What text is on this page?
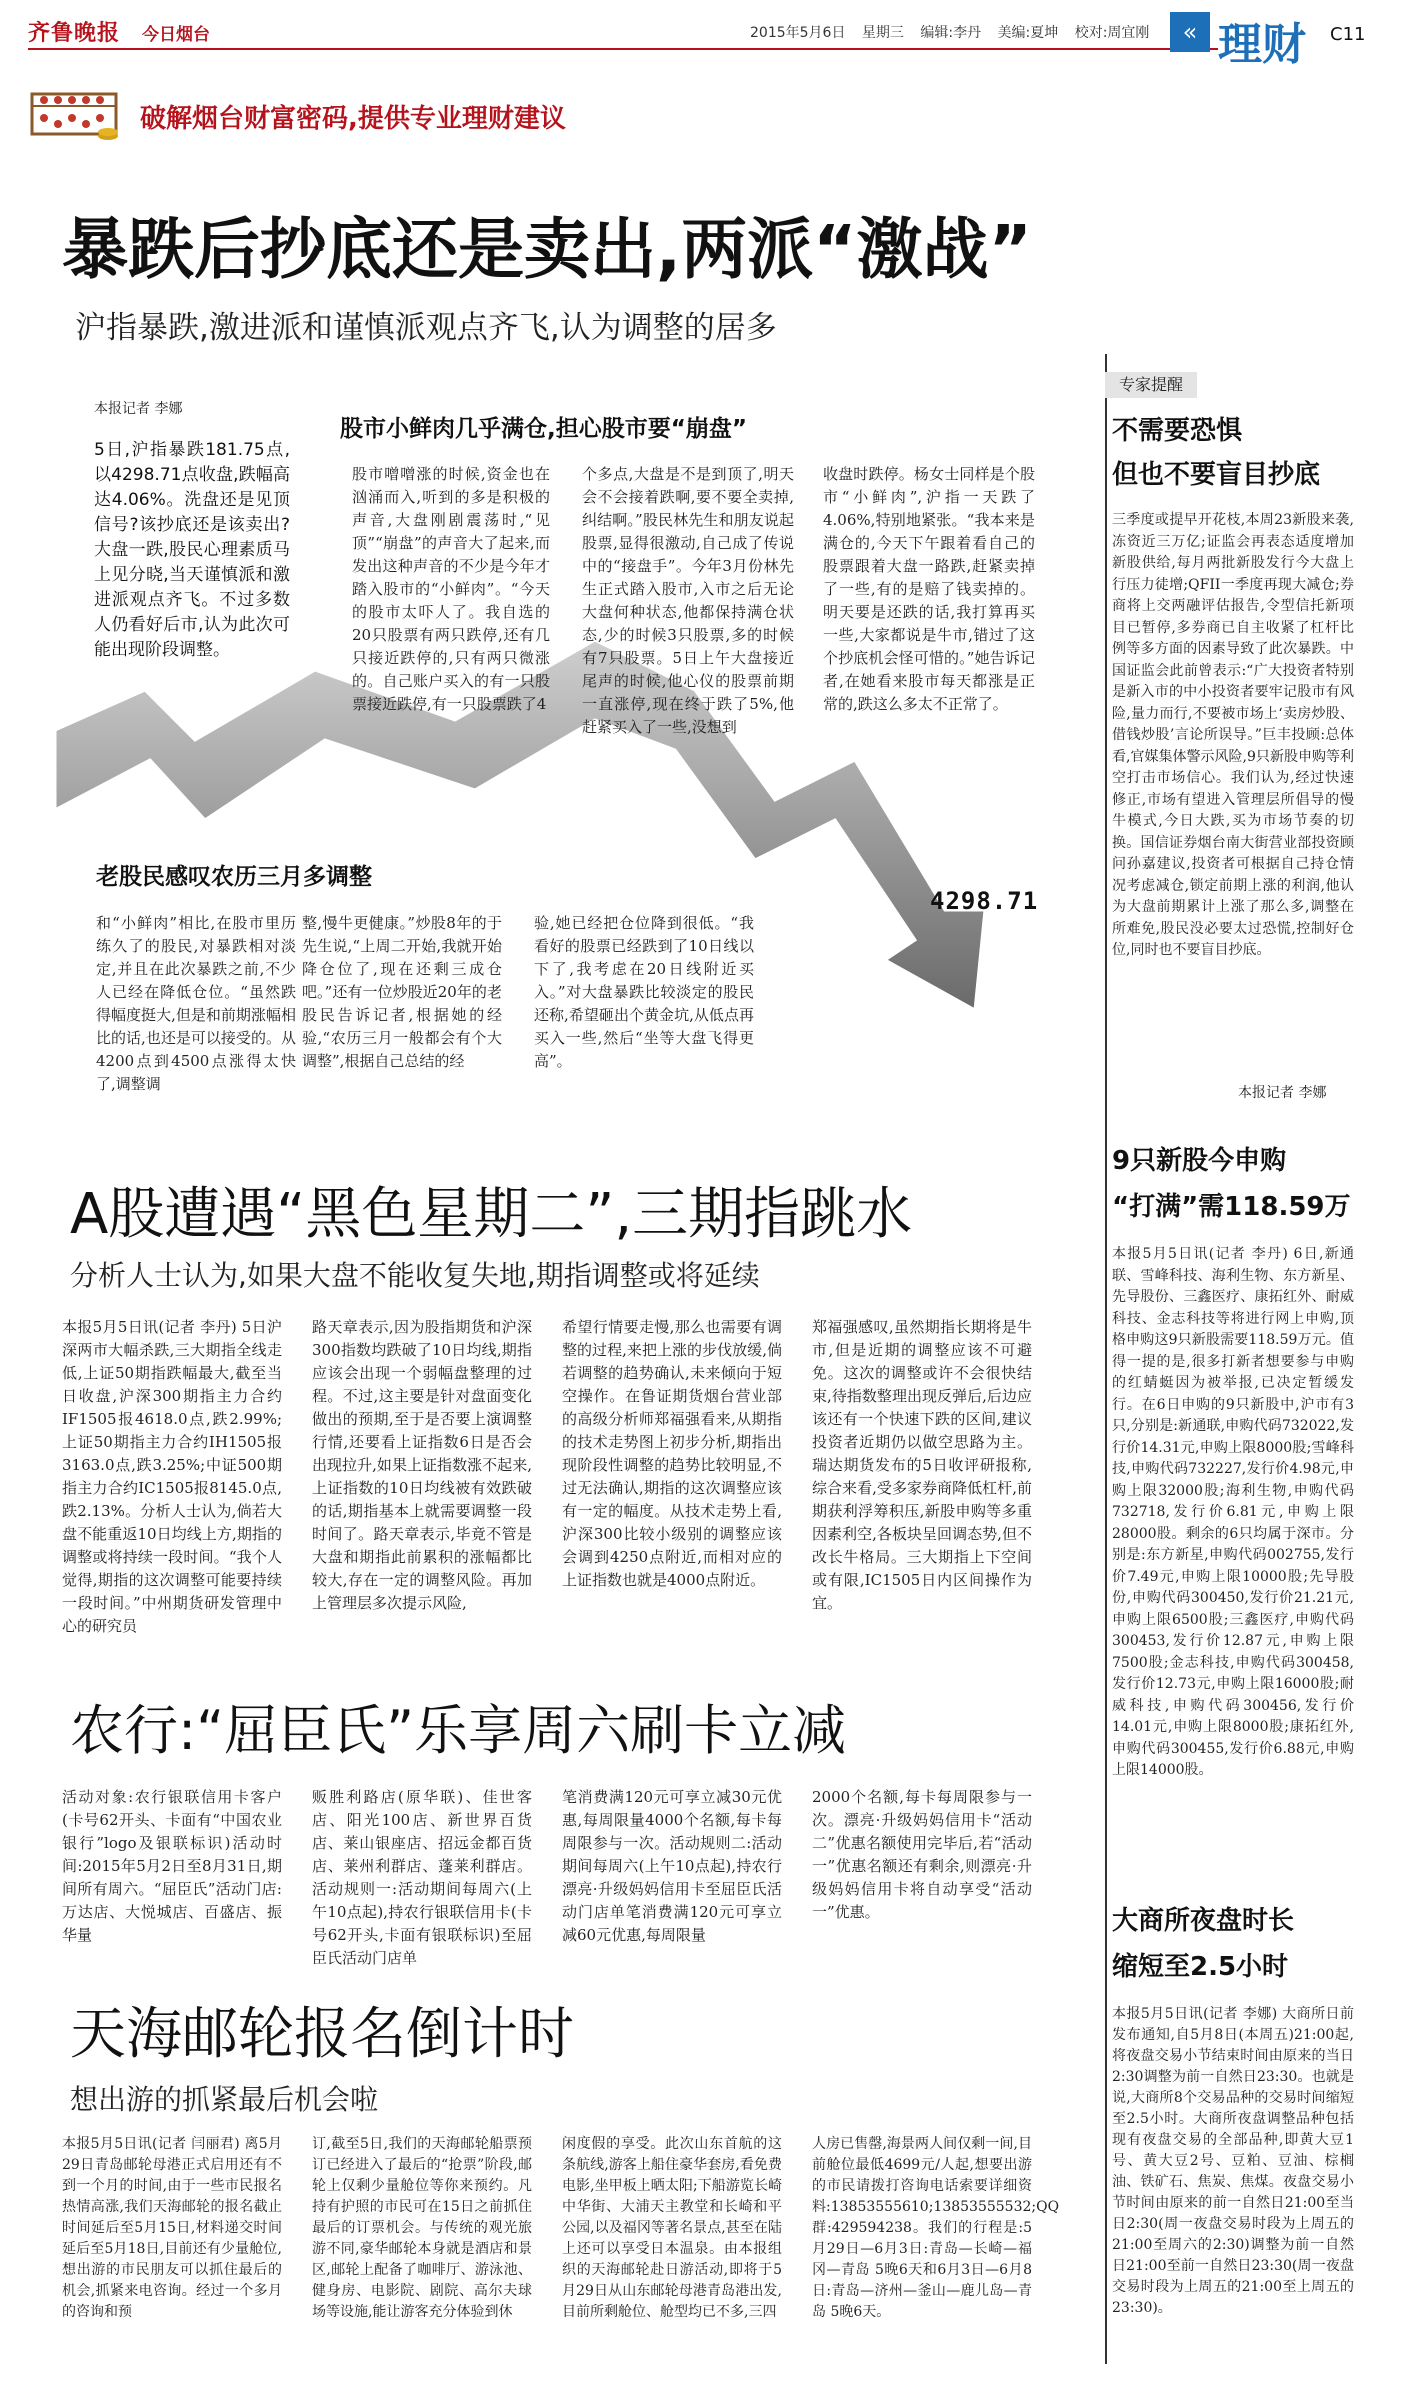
齐鲁晚报 今日烟台	2015年5月6日 星期三 编辑:李丹 美编:夏坤 校对:周宜刚	« 理财 C11
破解烟台财富密码,提供专业理财建议
暴跌后抄底还是卖出,两派“激战”
沪指暴跌,激进派和谨慎派观点齐飞,认为调整的居多
本报记者 李娜
5日,沪指暴跌181.75点,以4298.71点收盘,跌幅高达4.06%。洗盘还是见顶信号?该抄底还是该卖出?大盘一跌,股民心理素质马上见分晓,当天谨慎派和激进派观点齐飞。不过多数人仍看好后市,认为此次可能出现阶段调整。
4298.71
股市小鲜肉几乎满仓,担心股市要“崩盘”
股市噌噌涨的时候,资金也在汹涌而入,听到的多是积极的声音,大盘刚剧震荡时,“见顶”“崩盘”的声音大了起来,而发出这种声音的不少是今年才踏入股市的“小鲜肉”。“今天的股市太吓人了。我自选的20只股票有两只跌停,还有几只接近跌停的,只有两只微涨的。自己账户买入的有一只股票接近跌停,有一只股票跌了4
个多点,大盘是不是到顶了,明天会不会接着跌啊,要不要全卖掉,纠结啊。”股民林先生和朋友说起股票,显得很激动,自己成了传说中的“接盘手”。今年3月份林先生正式踏入股市,入市之后无论大盘何种状态,他都保持满仓状态,少的时候3只股票,多的时候有7只股票。5日上午大盘接近尾声的时候,他心仪的股票前期一直涨停,现在终于跌了5%,他赶紧买入了一些,没想到
收盘时跌停。杨女士同样是个股市“小鲜肉”,沪指一天跌了4.06%,特别地紧张。“我本来是满仓的,今天下午跟着看自己的股票跟着大盘一路跌,赶紧卖掉了一些,有的是赔了钱卖掉的。明天要是还跌的话,我打算再买一些,大家都说是牛市,错过了这个抄底机会怪可惜的。”她告诉记者,在她看来股市每天都涨是正常的,跌这么多太不正常了。
老股民感叹农历三月多调整
和“小鲜肉”相比,在股市里历练久了的股民,对暴跌相对淡定,并且在此次暴跌之前,不少人已经在降低仓位。“虽然跌得幅度挺大,但是和前期涨幅相比的话,也还是可以接受的。从4200点到4500点涨得太快了,调整调
整,慢牛更健康。”炒股8年的于先生说,“上周二开始,我就开始降仓位了,现在还剩三成仓吧。”还有一位炒股近20年的老股民告诉记者,根据她的经验,“农历三月一般都会有个大调整”,根据自己总结的经
验,她已经把仓位降到很低。“我看好的股票已经跌到了10日线以下了,我考虑在20日线附近买入。”对大盘暴跌比较淡定的股民还称,希望砸出个黄金坑,从低点再买入一些,然后“坐等大盘飞得更高”。
专家提醒
不需要恐惧
但也不要盲目抄底
三季度或提早开花枝,本周23新股来袭,冻资近三万亿;证监会再表态适度增加新股供给,每月两批新股发行今大盘上行压力徒增;QFII一季度再现大减仓;券商将上交两融评估报告,令型信托新项目已暂停,多券商已自主收紧了杠杆比例等多方面的因素导致了此次暴跌。中国证监会此前曾表示:“广大投资者特别是新入市的中小投资者要牢记股市有风险,量力而行,不要被市场上‘卖房炒股、借钱炒股’言论所误导。”巨丰投顾:总体看,官媒集体警示风险,9只新股申购等利空打击市场信心。我们认为,经过快速修正,市场有望进入管理层所倡导的慢牛模式,今日大跌,买为市场节奏的切换。国信证券烟台南大街营业部投资顾问孙嘉建议,投资者可根据自己持仓情况考虑减仓,锁定前期上涨的利润,他认为大盘前期累计上涨了那么多,调整在所难免,股民没必要太过恐慌,控制好仓位,同时也不要盲目抄底。
本报记者 李娜
A股遭遇“黑色星期二”,三期指跳水
分析人士认为,如果大盘不能收复失地,期指调整或将延续
本报5月5日讯(记者 李丹) 5日沪深两市大幅杀跌,三大期指全线走低,上证50期指跌幅最大,截至当日收盘,沪深300期指主力合约IF1505报4618.0点,跌2.99%;上证50期指主力合约IH1505报3163.0点,跌3.25%;中证500期指主力合约IC1505报8145.0点,跌2.13%。分析人士认为,倘若大盘不能重返10日均线上方,期指的调整或将持续一段时间。“我个人觉得,期指的这次调整可能要持续一段时间。”中州期货研发管理中心的研究员
路天章表示,因为股指期货和沪深300指数均跌破了10日均线,期指应该会出现一个弱幅盘整理的过程。不过,这主要是针对盘面变化做出的预期,至于是否要上演调整行情,还要看上证指数6日是否会出现拉升,如果上证指数涨不起来,上证指数的10日均线被有效跌破的话,期指基本上就需要调整一段时间了。路天章表示,毕竟不管是大盘和期指此前累积的涨幅都比较大,存在一定的调整风险。再加上管理层多次提示风险,
希望行情要走慢,那么也需要有调整的过程,来把上涨的步伐放缓,倘若调整的趋势确认,未来倾向于短空操作。在鲁证期货烟台营业部的高级分析师郑福强看来,从期指的技术走势图上初步分析,期指出现阶段性调整的趋势比较明显,不过无法确认,期指的这次调整应该有一定的幅度。从技术走势上看,沪深300比较小级别的调整应该会调到4250点附近,而相对应的上证指数也就是4000点附近。
郑福强感叹,虽然期指长期将是牛市,但是近期的调整应该不可避免。这次的调整或许不会很快结束,待指数整理出现反弹后,后边应该还有一个快速下跌的区间,建议投资者近期仍以做空思路为主。瑞达期货发布的5日收评研报称,综合来看,受多家券商降低杠杆,前期获利浮筹积压,新股申购等多重因素利空,各板块呈回调态势,但不改长牛格局。三大期指上下空间或有限,IC1505日内区间操作为宜。
9只新股今申购
“打满”需118.59万
本报5月5日讯(记者 李丹) 6日,新通联、雪峰科技、海利生物、东方新星、先导股份、三鑫医疗、康拓红外、耐威科技、金志科技等将进行网上申购,顶格申购这9只新股需要118.59万元。值得一提的是,很多打新者想要参与申购的红蜻蜓因为被举报,已决定暂缓发行。在6日申购的9只新股中,沪市有3只,分别是:新通联,申购代码732022,发行价14.31元,申购上限8000股;雪峰科技,申购代码732227,发行价4.98元,申购上限32000股;海利生物,申购代码732718,发行价6.81元,申购上限28000股。剩余的6只均属于深市。分别是:东方新星,申购代码002755,发行价7.49元,申购上限10000股;先导股份,申购代码300450,发行价21.21元,申购上限6500股;三鑫医疗,申购代码300453,发行价12.87元,申购上限7500股;金志科技,申购代码300458,发行价12.73元,申购上限16000股;耐威科技,申购代码300456,发行价14.01元,申购上限8000股;康拓红外,申购代码300455,发行价6.88元,申购上限14000股。
农行:“屈臣氏”乐享周六刷卡立减
活动对象:农行银联信用卡客户(卡号62开头、卡面有“中国农业银行”logo及银联标识)活动时间:2015年5月2日至8月31日,期间所有周六。“屈臣氏”活动门店:万达店、大悦城店、百盛店、振华量
贩胜利路店(原华联)、佳世客店、阳光100店、新世界百货店、莱山银座店、招远金都百货店、莱州利群店、蓬莱利群店。活动规则一:活动期间每周六(上午10点起),持农行银联信用卡(卡号62开头,卡面有银联标识)至屈臣氏活动门店单
笔消费满120元可享立减30元优惠,每周限量4000个名额,每卡每周限参与一次。活动规则二:活动期间每周六(上午10点起),持农行漂亮·升级妈妈信用卡至屈臣氏活动门店单笔消费满120元可享立减60元优惠,每周限量
2000个名额,每卡每周限参与一次。漂亮·升级妈妈信用卡“活动二”优惠名额使用完毕后,若“活动一”优惠名额还有剩余,则漂亮·升级妈妈信用卡将自动享受“活动一”优惠。
天海邮轮报名倒计时
想出游的抓紧最后机会啦
本报5月5日讯(记者 闫丽君) 离5月29日青岛邮轮母港正式启用还有不到一个月的时间,由于一些市民报名热情高涨,我们天海邮轮的报名截止时间延后至5月15日,材料递交时间延后至5月18日,目前还有少量舱位,想出游的市民朋友可以抓住最后的机会,抓紧来电咨询。经过一个多月的咨询和预
订,截至5日,我们的天海邮轮船票预订已经进入了最后的“抢票”阶段,邮轮上仅剩少量舱位等你来预约。凡持有护照的市民可在15日之前抓住最后的订票机会。与传统的观光旅游不同,豪华邮轮本身就是酒店和景区,邮轮上配备了咖啡厅、游泳池、健身房、电影院、剧院、高尔夫球场等设施,能让游客充分体验到休
闲度假的享受。此次山东首航的这条航线,游客上船住豪华套房,看免费电影,坐甲板上晒太阳;下船游览长崎中华街、大浦天主教堂和长崎和平公园,以及福冈等著名景点,甚至在陆上还可以享受日本温泉。由本报组织的天海邮轮赴日游活动,即将于5月29日从山东邮轮母港青岛港出发,目前所剩舱位、舱型均已不多,三四
人房已售罄,海景两人间仅剩一间,目前舱位最低4699元/人起,想要出游的市民请拨打咨询电话索要详细资料:13853555610;13853555532;QQ群:429594238。我们的行程是:5月29日—6月3日:青岛—长崎—福冈—青岛 5晚6天和6月3日—6月8日:青岛—济州—釜山—鹿儿岛—青岛 5晚6天。
大商所夜盘时长
缩短至2.5小时
本报5月5日讯(记者 李娜) 大商所日前发布通知,自5月8日(本周五)21:00起,将夜盘交易小节结束时间由原来的当日2:30调整为前一自然日23:30。也就是说,大商所8个交易品种的交易时间缩短至2.5小时。大商所夜盘调整品种包括现有夜盘交易的全部品种,即黄大豆1号、黄大豆2号、豆粕、豆油、棕榈油、铁矿石、焦炭、焦煤。夜盘交易小节时间由原来的前一自然日21:00至当日2:30(周一夜盘交易时段为上周五的21:00至周六的2:30)调整为前一自然日21:00至前一自然日23:30(周一夜盘交易时段为上周五的21:00至上周五的23:30)。
